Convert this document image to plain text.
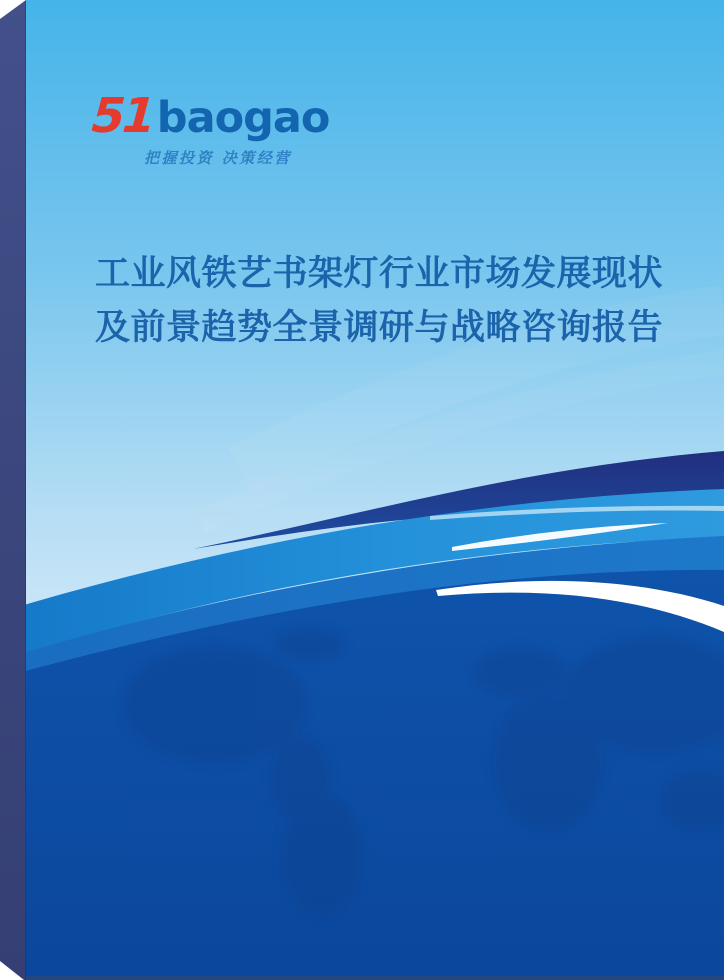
51 baogao
把握投资 决策经营
工业风铁艺书架灯行业市场发展现状
及前景趋势全景调研与战略咨询报告
